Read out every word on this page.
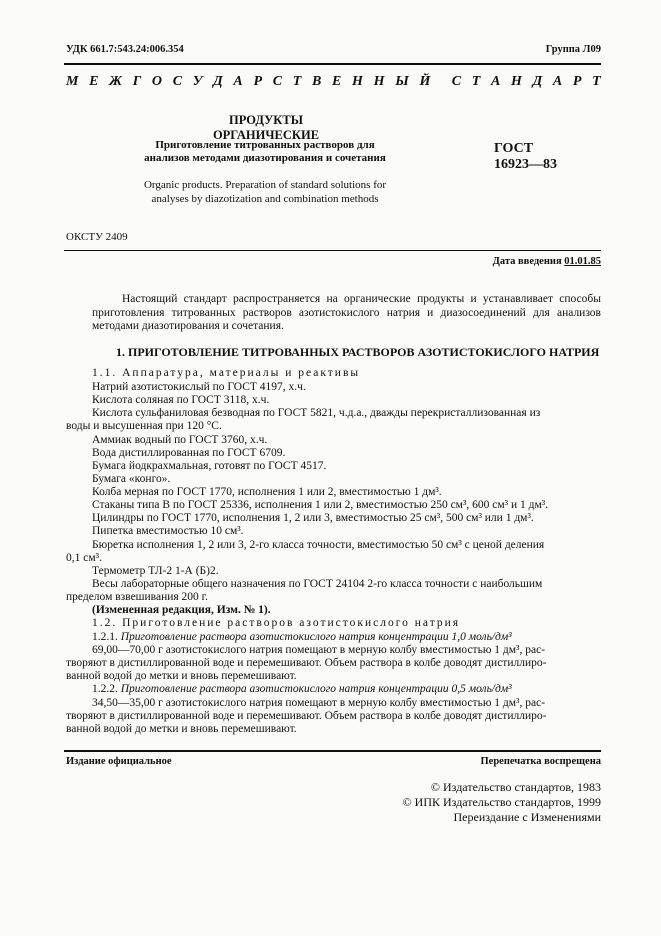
УДК 661.7:543.24:006.354	Группа Л09
М Е Ж Г О С У Д А Р С Т В Е Н Н Ы Й С Т А Н Д А Р Т
ПРОДУКТЫ ОРГАНИЧЕСКИЕ
Приготовление титрованных растворов для
анализов методами диазотирования и сочетания
Organic products. Preparation of standard solutions for
analyses by diazotization and combination methods
ГОСТ
16923—83
ОКСТУ 2409
Дата введения 01.01.85
Настоящий стандарт распространяется на органические продукты и устанавливает способы приготовления титрованных растворов азотистокислого натрия и диазосоединений для анализов методами диазотирования и сочетания.
1. ПРИГОТОВЛЕНИЕ ТИТРОВАННЫХ РАСТВОРОВ АЗОТИСТОКИСЛОГО НАТРИЯ
1.1. Аппаратура, материалы и реактивы
Натрий азотистокислый по ГОСТ 4197, х.ч.
Кислота соляная по ГОСТ 3118, х.ч.
Кислота сульфаниловая безводная по ГОСТ 5821, ч.д.а., дважды перекристаллизованная из
воды и высушенная при 120 °С.
Аммиак водный по ГОСТ 3760, х.ч.
Вода дистиллированная по ГОСТ 6709.
Бумага йодкрахмальная, готовят по ГОСТ 4517.
Бумага «конго».
Колба мерная по ГОСТ 1770, исполнения 1 или 2, вместимостью 1 дм³.
Стаканы типа В по ГОСТ 25336, исполнения 1 или 2, вместимостью 250 см³, 600 см³ и 1 дм³.
Цилиндры по ГОСТ 1770, исполнения 1, 2 или 3, вместимостью 25 см³, 500 см³ или 1 дм³.
Пипетка вместимостью 10 см³.
Бюретка исполнения 1, 2 или 3, 2-го класса точности, вместимостью 50 см³ с ценой деления
0,1 см³.
Термометр ТЛ-2 1-А (Б)2.
Весы лабораторные общего назначения по ГОСТ 24104 2-го класса точности с наибольшим
пределом взвешивания 200 г.
(Измененная редакция, Изм. № 1).
1.2. Приготовление растворов азотистокислого натрия
1.2.1. Приготовление раствора азотистокислого натрия концентрации 1,0 моль/дм³
69,00—70,00 г азотистокислого натрия помещают в мерную колбу вместимостью 1 дм³, рас-
творяют в дистиллированной воде и перемешивают. Объем раствора в колбе доводят дистиллиро-
ванной водой до метки и вновь перемешивают.
1.2.2. Приготовление раствора азотистокислого натрия концентрации 0,5 моль/дм³
34,50—35,00 г азотистокислого натрия помещают в мерную колбу вместимостью 1 дм³, рас-
творяют в дистиллированной воде и перемешивают. Объем раствора в колбе доводят дистиллиро-
ванной водой до метки и вновь перемешивают.
Издание официальное	Перепечатка воспрещена
© Издательство стандартов, 1983
© ИПК Издательство стандартов, 1999
Переиздание с Изменениями
